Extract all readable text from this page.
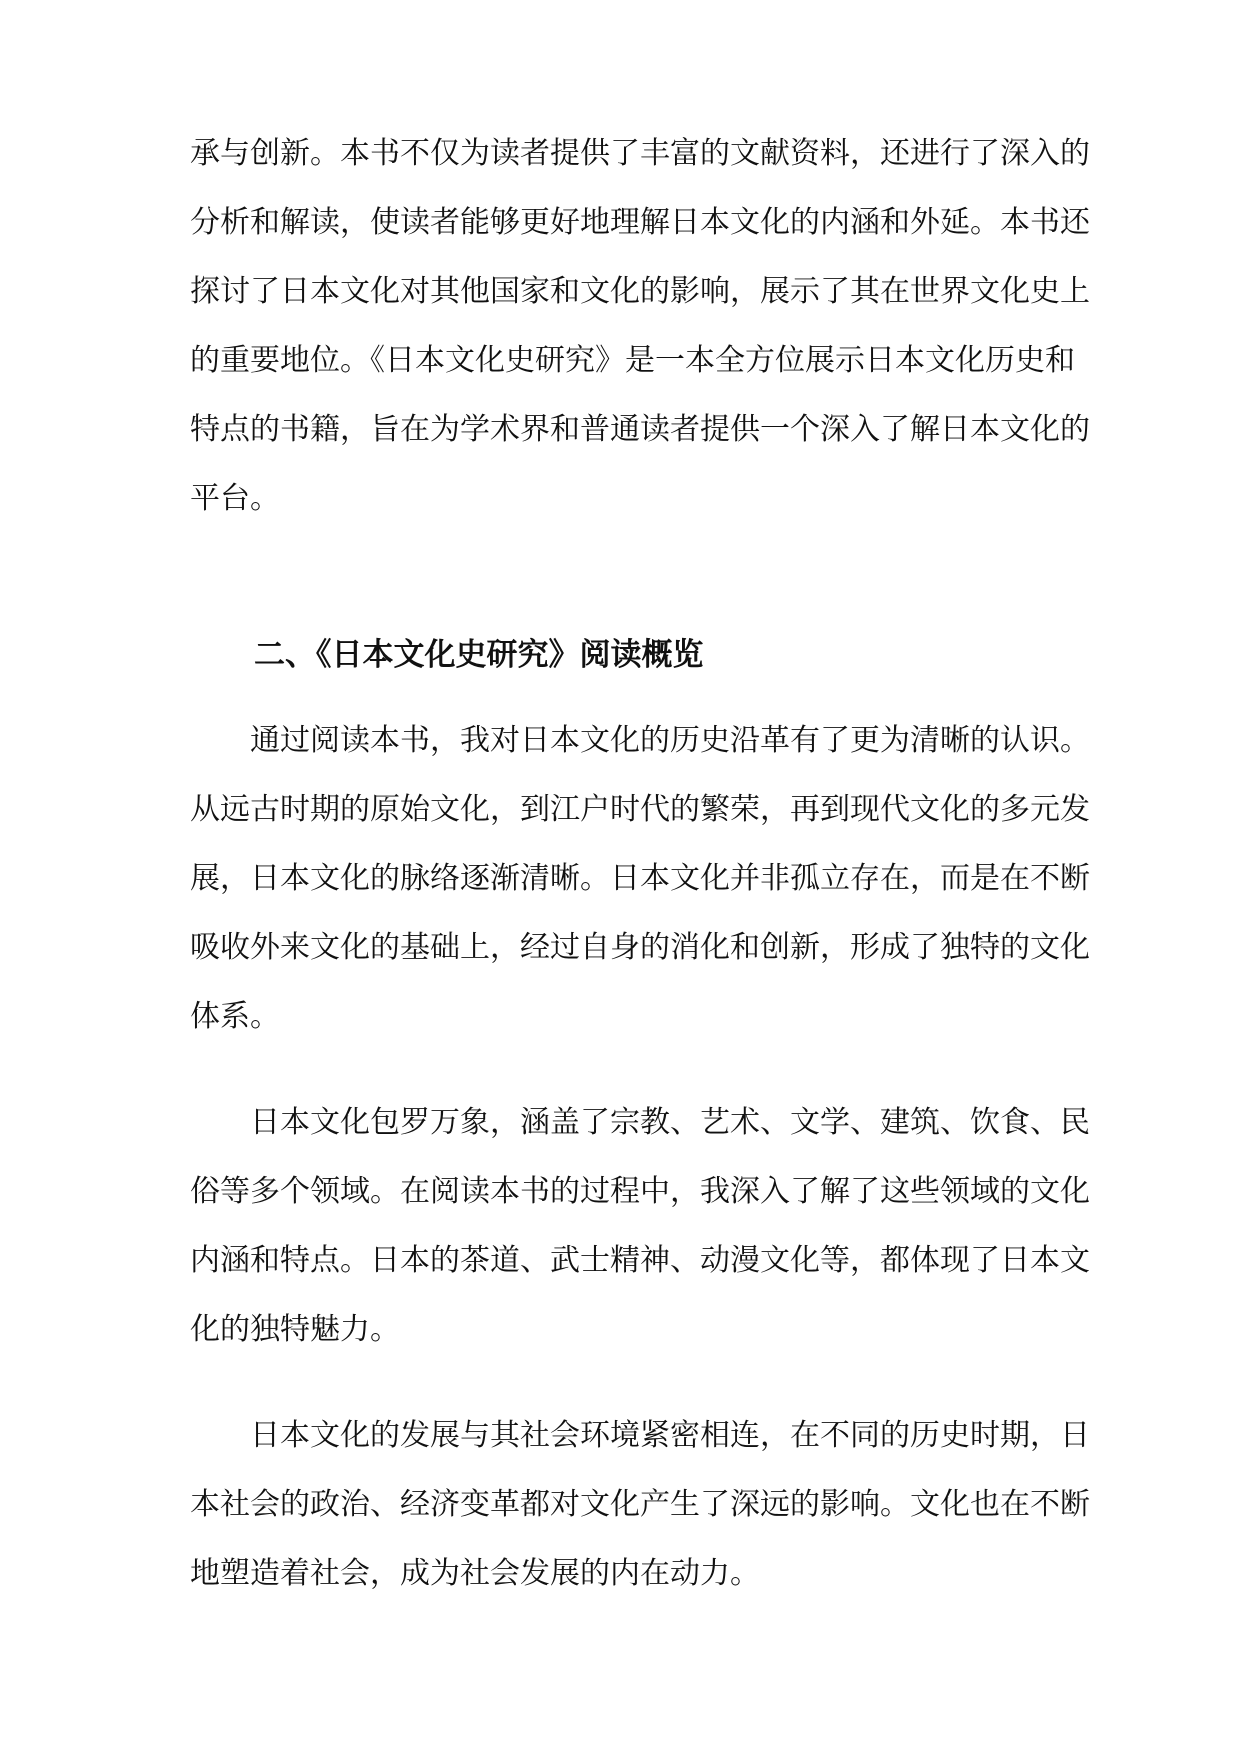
承与创新。本书不仅为读者提供了丰富的文献资料，还进行了深入的
分析和解读，使读者能够更好地理解日本文化的内涵和外延。本书还
探讨了日本文化对其他国家和文化的影响，展示了其在世界文化史上
的重要地位。《日本文化史研究》是一本全方位展示日本文化历史和
特点的书籍，旨在为学术界和普通读者提供一个深入了解日本文化的
平台。
二、《日本文化史研究》阅读概览
　　通过阅读本书，我对日本文化的历史沿革有了更为清晰的认识。
从远古时期的原始文化，到江户时代的繁荣，再到现代文化的多元发
展，日本文化的脉络逐渐清晰。日本文化并非孤立存在，而是在不断
吸收外来文化的基础上，经过自身的消化和创新，形成了独特的文化
体系。
　　日本文化包罗万象，涵盖了宗教、艺术、文学、建筑、饮食、民
俗等多个领域。在阅读本书的过程中，我深入了解了这些领域的文化
内涵和特点。日本的茶道、武士精神、动漫文化等，都体现了日本文
化的独特魅力。
　　日本文化的发展与其社会环境紧密相连，在不同的历史时期，日
本社会的政治、经济变革都对文化产生了深远的影响。文化也在不断
地塑造着社会，成为社会发展的内在动力。
